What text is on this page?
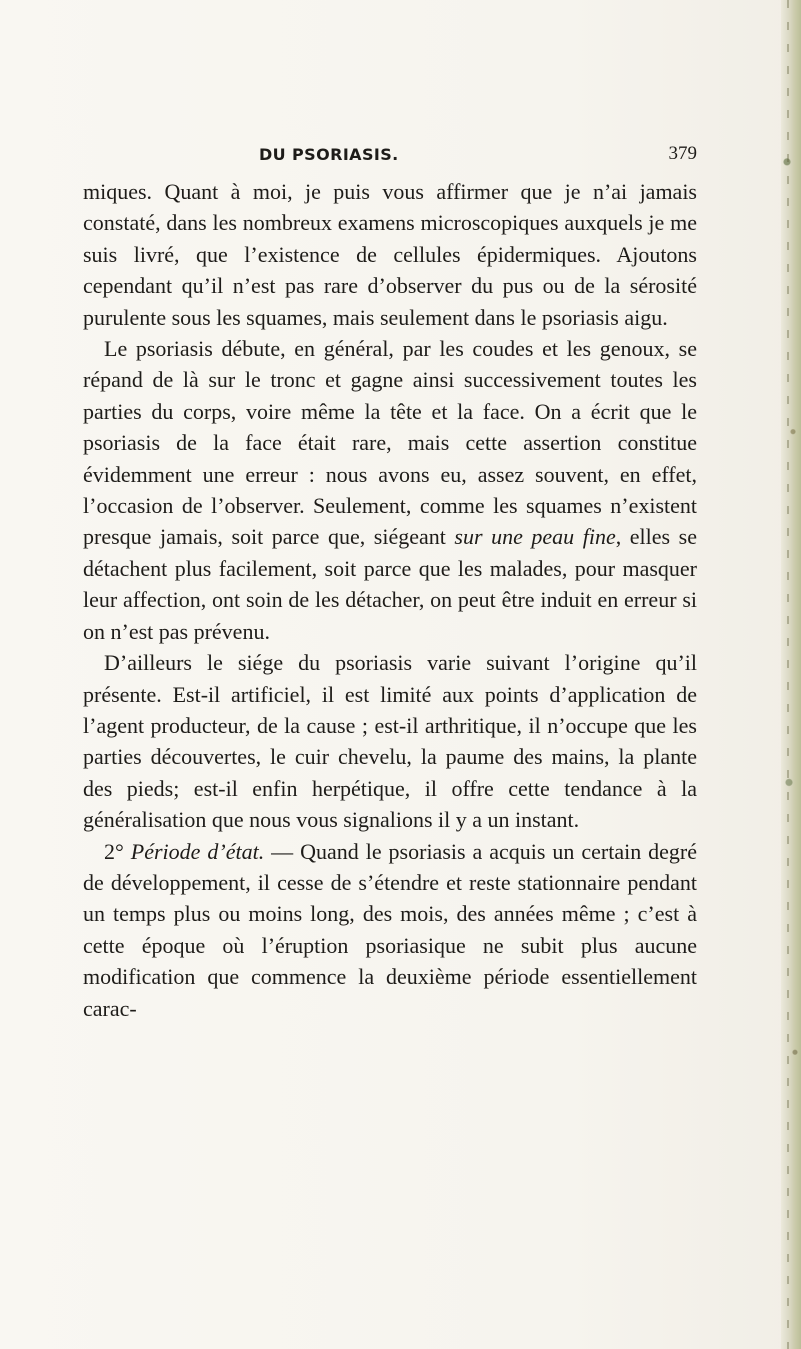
DU PSORIASIS.	379

miques. Quant à moi, je puis vous affirmer que je n’ai jamais constaté, dans les nombreux examens microscopiques auxquels je me suis livré, que l’existence de cellules épidermiques. Ajoutons cependant qu’il n’est pas rare d’observer du pus ou de la sérosité purulente sous les squames, mais seulement dans le psoriasis aigu.

Le psoriasis débute, en général, par les coudes et les genoux, se répand de là sur le tronc et gagne ainsi successivement toutes les parties du corps, voire même la tête et la face. On a écrit que le psoriasis de la face était rare, mais cette assertion constitue évidemment une erreur : nous avons eu, assez souvent, en effet, l’occasion de l’observer. Seulement, comme les squames n’existent presque jamais, soit parce que, siégeant sur une peau fine, elles se détachent plus facilement, soit parce que les malades, pour masquer leur affection, ont soin de les détacher, on peut être induit en erreur si on n’est pas prévenu.

D’ailleurs le siége du psoriasis varie suivant l’origine qu’il présente. Est-il artificiel, il est limité aux points d’application de l’agent producteur, de la cause ; est-il arthritique, il n’occupe que les parties découvertes, le cuir chevelu, la paume des mains, la plante des pieds; est-il enfin herpétique, il offre cette tendance à la généralisation que nous vous signalions il y a un instant.

2° Période d’état. — Quand le psoriasis a acquis un certain degré de développement, il cesse de s’étendre et reste stationnaire pendant un temps plus ou moins long, des mois, des années même ; c’est à cette époque où l’éruption psoriasique ne subit plus aucune modification que commence la deuxième période essentiellement carac-
